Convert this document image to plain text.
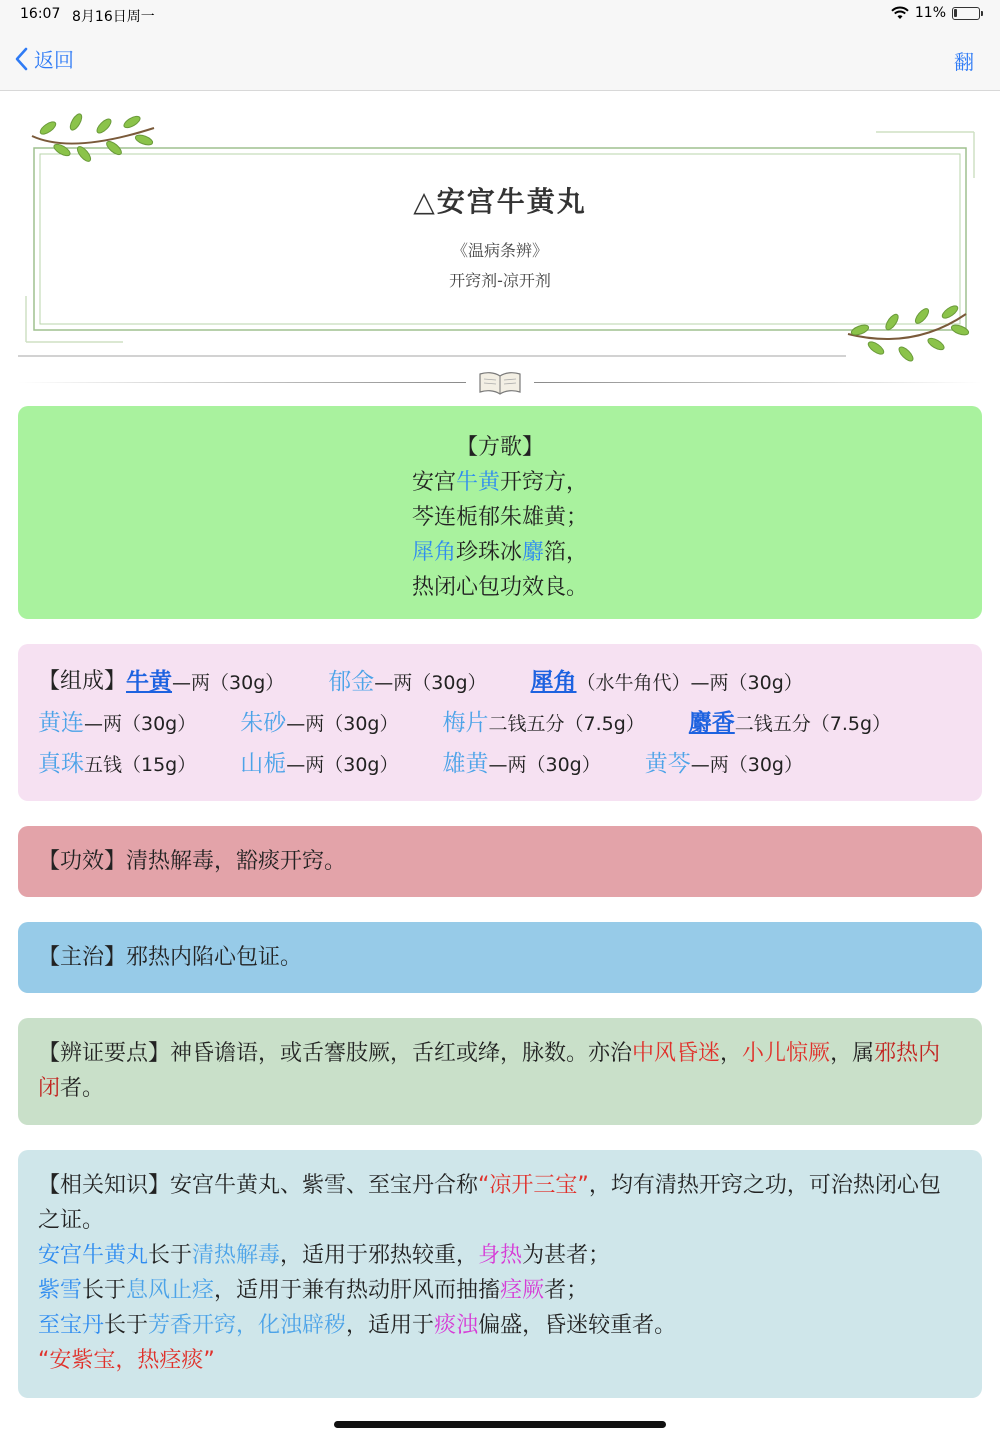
16:07 8月16日周一	11%
返回	翻
△安宫牛黄丸
《温病条辨》
开窍剂-凉开剂
【方歌】
安宫牛黄开窍方，
芩连栀郁朱雄黄；
犀角珍珠冰麝箔，
热闭心包功效良。
【组成】 牛黄—两（30g） 郁金—两（30g） 犀角（水牛角代）—两（30g）
黄连—两（30g） 朱砂—两（30g） 梅片二钱五分（7.5g） 麝香二钱五分（7.5g）
真珠五钱（15g） 山栀—两（30g） 雄黄—两（30g） 黄芩—两（30g）
【功效】清热解毒，豁痰开窍。
【主治】邪热内陷心包证。
【辨证要点】神昏谵语，或舌謇肢厥，舌红或绛，脉数。亦治中风昏迷，小儿惊厥，属邪热内闭者。
【相关知识】安宫牛黄丸、紫雪、至宝丹合称“凉开三宝”，均有清热开窍之功，可治热闭心包之证。
安宫牛黄丸长于清热解毒，适用于邪热较重，身热为甚者；
紫雪长于息风止痉，适用于兼有热动肝风而抽搐痉厥者；
至宝丹长于芳香开窍，化浊辟秽，适用于痰浊偏盛，昏迷较重者。
“安紫宝，热痉痰”
